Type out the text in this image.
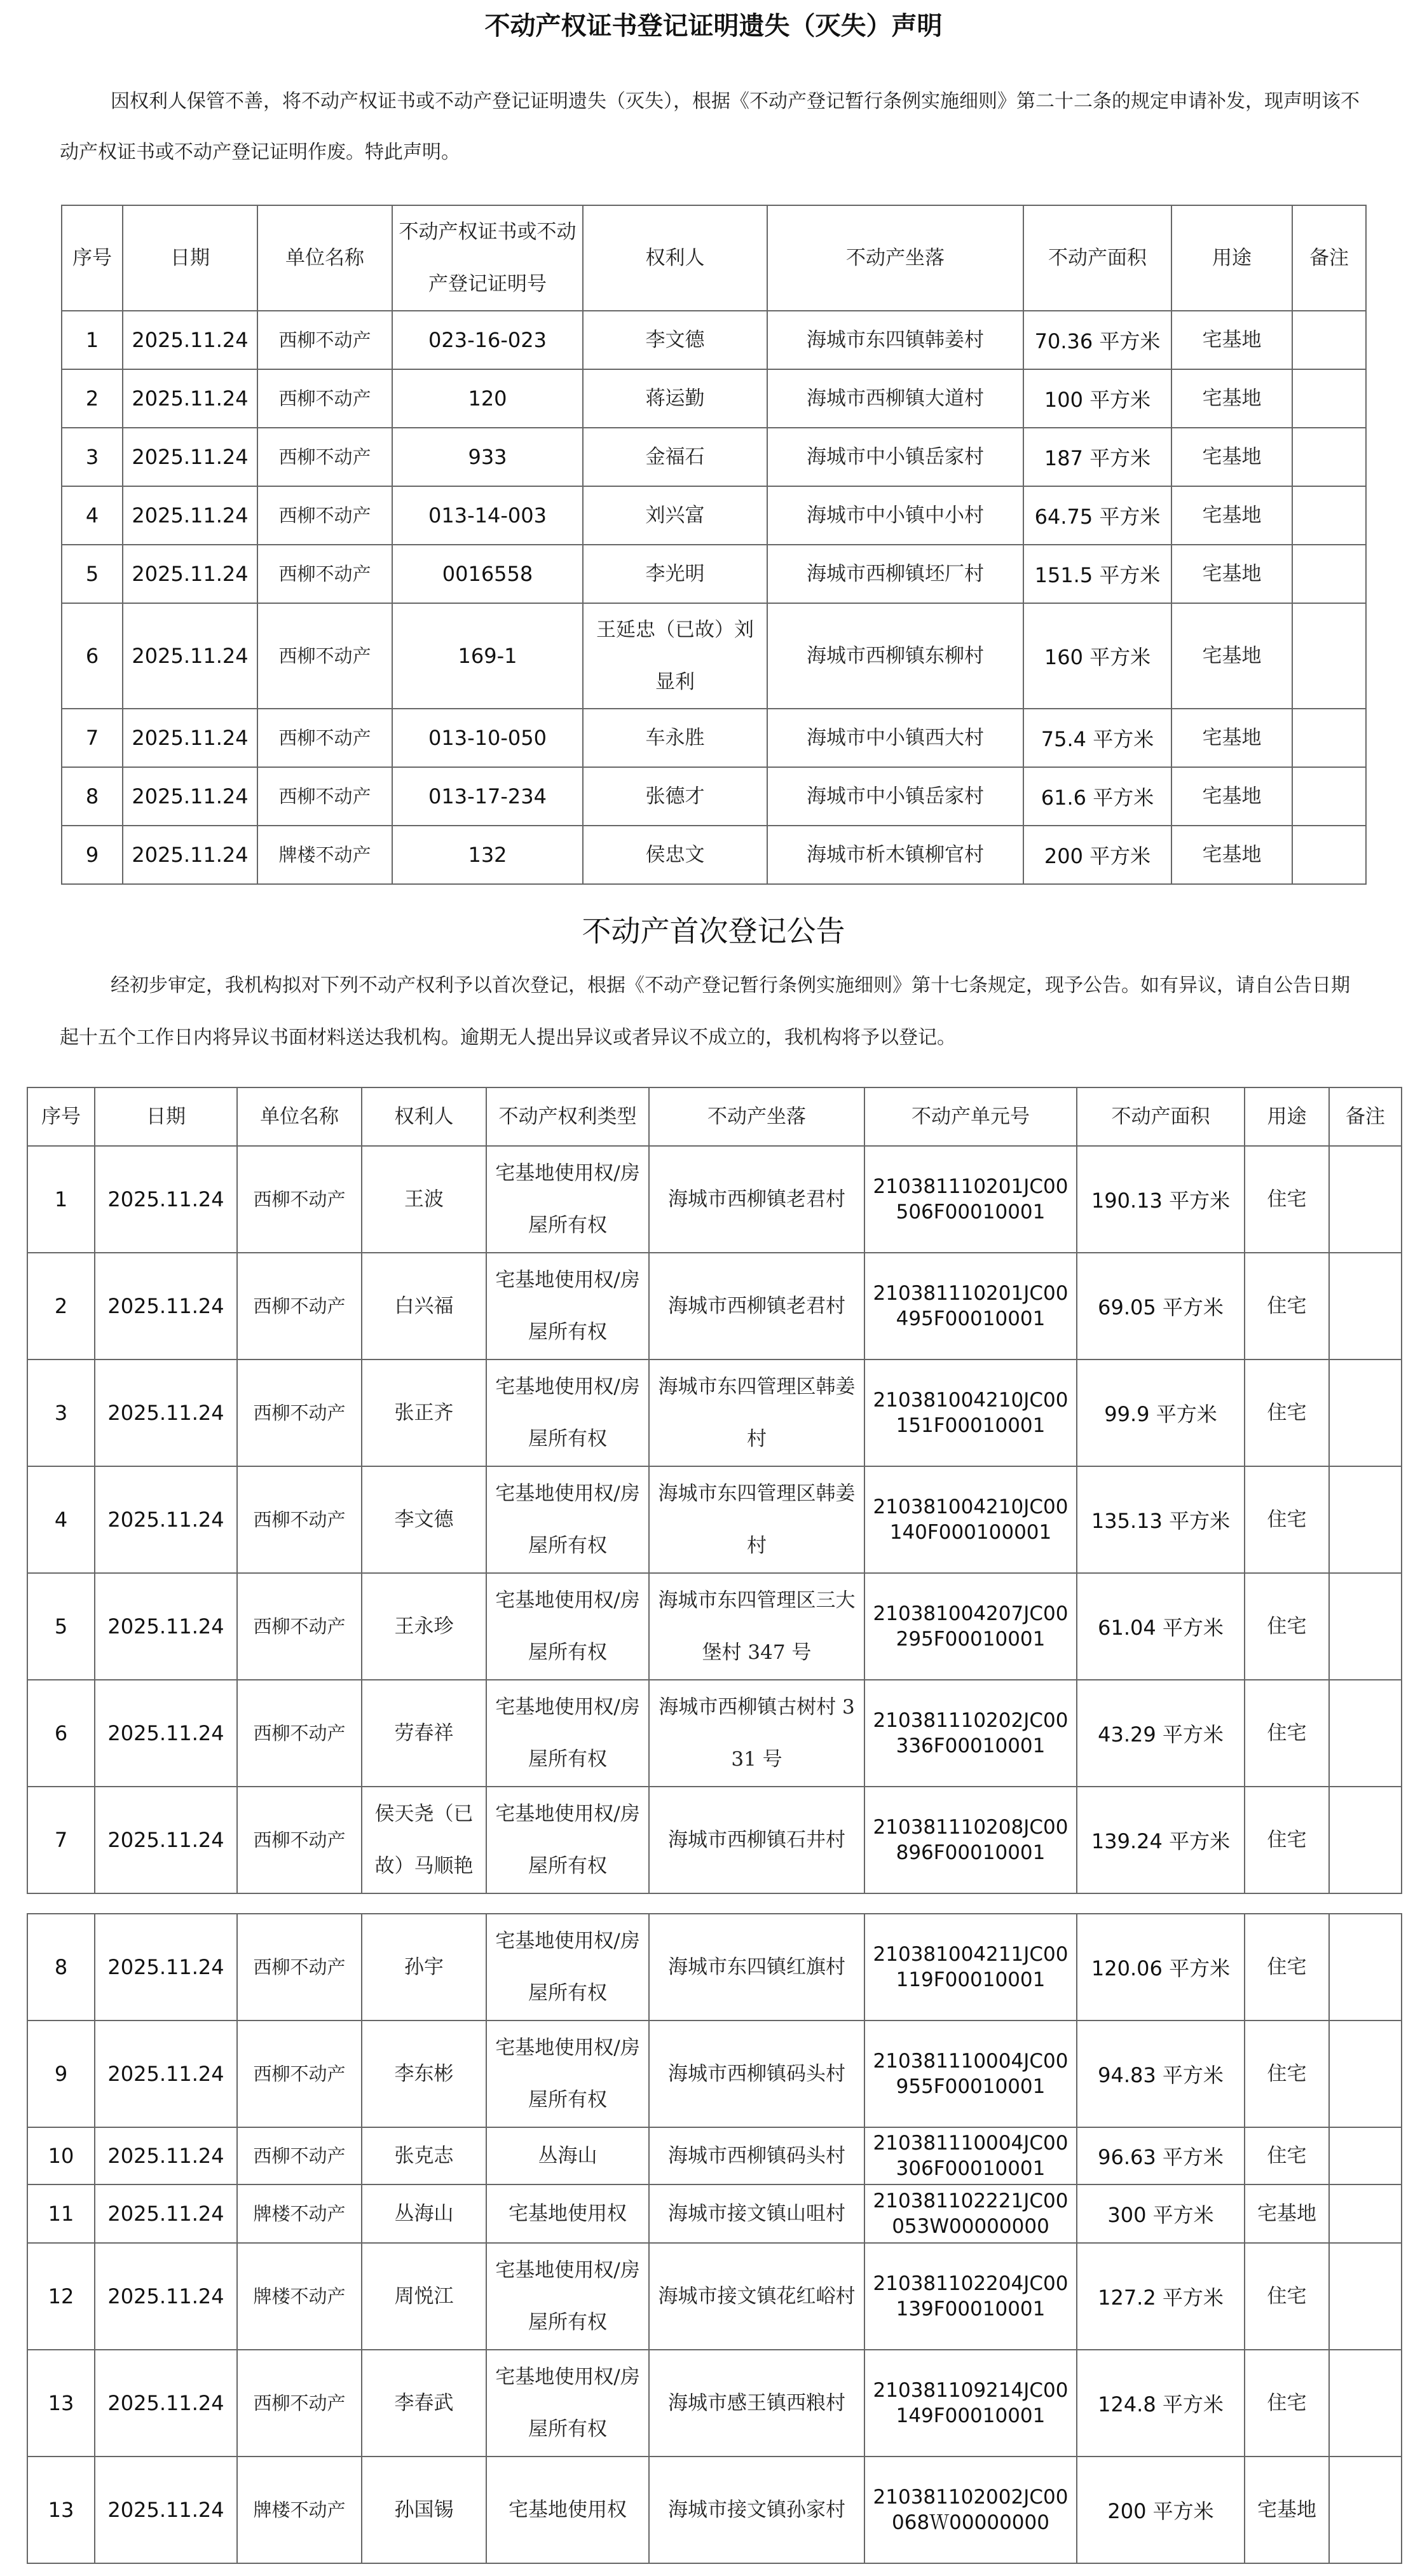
不动产权证书登记证明遗失（灭失）声明

因权利人保管不善，将不动产权证书或不动产登记证明遗失（灭失），根据《不动产登记暂行条例实施细则》第二十二条的规定申请补发，现声明该不动产权证书或不动产登记证明作废。特此声明。

序号	日期	单位名称	不动产权证书或不动产登记证明号	权利人	不动产坐落	不动产面积	用途	备注
1	2025.11.24	西柳不动产	023-16-023	李文德	海城市东四镇韩姜村	70.36 平方米	宅基地	
2	2025.11.24	西柳不动产	120	蒋运勤	海城市西柳镇大道村	100 平方米	宅基地	
3	2025.11.24	西柳不动产	933	金福石	海城市中小镇岳家村	187 平方米	宅基地	
4	2025.11.24	西柳不动产	013-14-003	刘兴富	海城市中小镇中小村	64.75 平方米	宅基地	
5	2025.11.24	西柳不动产	0016558	李光明	海城市西柳镇坯厂村	151.5 平方米	宅基地	
6	2025.11.24	西柳不动产	169-1	王延忠（已故）刘显利	海城市西柳镇东柳村	160 平方米	宅基地	
7	2025.11.24	西柳不动产	013-10-050	车永胜	海城市中小镇西大村	75.4 平方米	宅基地	
8	2025.11.24	西柳不动产	013-17-234	张德才	海城市中小镇岳家村	61.6 平方米	宅基地	
9	2025.11.24	牌楼不动产	132	侯忠文	海城市析木镇柳官村	200 平方米	宅基地	
不动产首次登记公告

经初步审定，我机构拟对下列不动产权利予以首次登记，根据《不动产登记暂行条例实施细则》第十七条规定，现予公告。如有异议，请自公告日期起十五个工作日内将异议书面材料送达我机构。逾期无人提出异议或者异议不成立的，我机构将予以登记。

序号	日期	单位名称	权利人	不动产权利类型	不动产坐落	不动产单元号	不动产面积	用途	备注
1	2025.11.24	西柳不动产	王波	宅基地使用权/房屋所有权	海城市西柳镇老君村	210381110201JC00506F00010001	190.13 平方米	住宅	
2	2025.11.24	西柳不动产	白兴福	宅基地使用权/房屋所有权	海城市西柳镇老君村	210381110201JC00495F00010001	69.05 平方米	住宅	
3	2025.11.24	西柳不动产	张正齐	宅基地使用权/房屋所有权	海城市东四管理区韩姜村	210381004210JC00151F00010001	99.9 平方米	住宅	
4	2025.11.24	西柳不动产	李文德	宅基地使用权/房屋所有权	海城市东四管理区韩姜村	210381004210JC00140F000100001	135.13 平方米	住宅	
5	2025.11.24	西柳不动产	王永珍	宅基地使用权/房屋所有权	海城市东四管理区三大堡村 347 号	210381004207JC00295F00010001	61.04 平方米	住宅	
6	2025.11.24	西柳不动产	劳春祥	宅基地使用权/房屋所有权	海城市西柳镇古树村 331 号	210381110202JC00336F00010001	43.29 平方米	住宅	
7	2025.11.24	西柳不动产	侯天尧（已故）马顺艳	宅基地使用权/房屋所有权	海城市西柳镇石井村	210381110208JC00896F00010001	139.24 平方米	住宅	
8	2025.11.24	西柳不动产	孙宇	宅基地使用权/房屋所有权	海城市东四镇红旗村	210381004211JC00119F00010001	120.06 平方米	住宅	
9	2025.11.24	西柳不动产	李东彬	宅基地使用权/房屋所有权	海城市西柳镇码头村	210381110004JC00955F00010001	94.83 平方米	住宅	
10	2025.11.24	西柳不动产	张克志	丛海山	海城市西柳镇码头村	210381110004JC00306F00010001	96.63 平方米	住宅	
11	2025.11.24	牌楼不动产	丛海山	宅基地使用权	海城市接文镇山咀村	210381102221JC00053W00000000	300 平方米	宅基地	
12	2025.11.24	牌楼不动产	周悦江	宅基地使用权/房屋所有权	海城市接文镇花红峪村	210381102204JC00139F00010001	127.2 平方米	住宅	
13	2025.11.24	西柳不动产	李春武	宅基地使用权/房屋所有权	海城市感王镇西粮村	210381109214JC00149F00010001	124.8 平方米	住宅	
13	2025.11.24	牌楼不动产	孙国锡	宅基地使用权	海城市接文镇孙家村	210381102002JC00068Ｗ00000000	200 平方米	宅基地	
